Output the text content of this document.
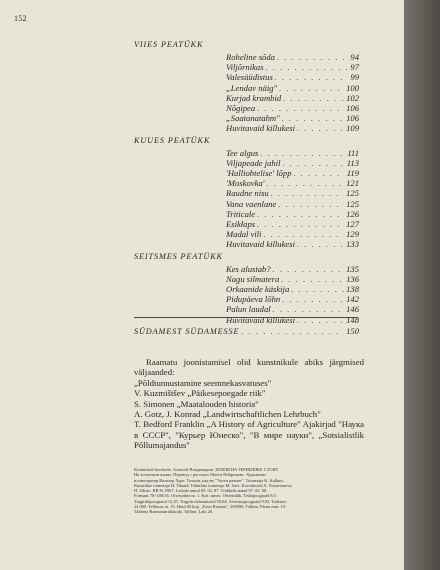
152
VIIES PEATÜKK
Roheline sõda . . .	94
Viljõrnikas . . .	97
Valesüüdistus . . .	99
„Lendav näig" . . .	100
Kurjad krambid . . .	102
Nõgipea . . .	106
„Saatanatahm" . . .	106
Huvitavaid killukesi . . .	109
KUUES PEATÜKK
Tee algus . . .	111
Viljapeade jahil . . .	113
'Halliohtelise' lõpp . . .	119
'Moskovka' . . .	121
Raudne nisu . . .	125
Vana vaenlane . . .	125
Triticale . . .	126
Esikłaps . . .	127
Madal vili . . .	129
Huvitavaid killukesi . . .	133
SEITSMES PEATÜKK
Kes alustab? . . .	135
Nagu silmatera . . .	136
Orkaanide käskija . . .	138
Pidupäeva lõhn . . .	142
Palun laudal . . .	146
Huvitavaid killukesi . . .	148
SÜDAMEST SÜDAMESSE . . .	150
Raamatu joonistamisel olid kunstnikule abiks järgmised väljaanded:
„Põldtunnustamine seemnekasvatuses"
V. Kuzmištšev „Päikesepoegade riik"
S. Simonen „Maatalouden historia"
A. Gotz, J. Konrad „Landwirtschaftlichen Lehrbuch"
T. Bedford Franklin „A History of Agriculture" Ajakirjad "Наука в СССР", "Курьер Юнеско", "В мире науки", „Sotsialistlik Põllumajandus"
Keskmiselt koolisele. Алексей Владимиров. ЗЕМЛЯ НА ЗЕРНЫШКЕ СТОИТ.
На эстонском языке. Перевод с русского Матти Пейрсманс. Художник-
иллюстратор Вальтер Хурт. Таллин, изд-во "Ээсти раамат". Toimetaja K. Kalkun.
Kunstiline toimetaja H. Tikand. Tehniline toimetaja M. Savi. Korrektorid A. Vissarionova,
H. Siliste. RB № 5967. Laduda antud 05. 02. 87. Trükkida antud 07. 02. 88.
Formaat 70×100/16. Ofsetpaber nr. 1. Kiri: times. Ofsettrükk. Trükipoognaid 8,5.
Tingtrükipoognaid 12,35. Tingvärvitõmmiseid 50,04. Arvestuspoognaid 9,92. Trükiarv
24 000. Tellimus nr. 19. Hind 60 kop. „Eesti Raamat", 200090, Tallinn, Pärnu mnt. 10.
Tallinna Raamatutrükikoda, Tallinn, Laki 26.
